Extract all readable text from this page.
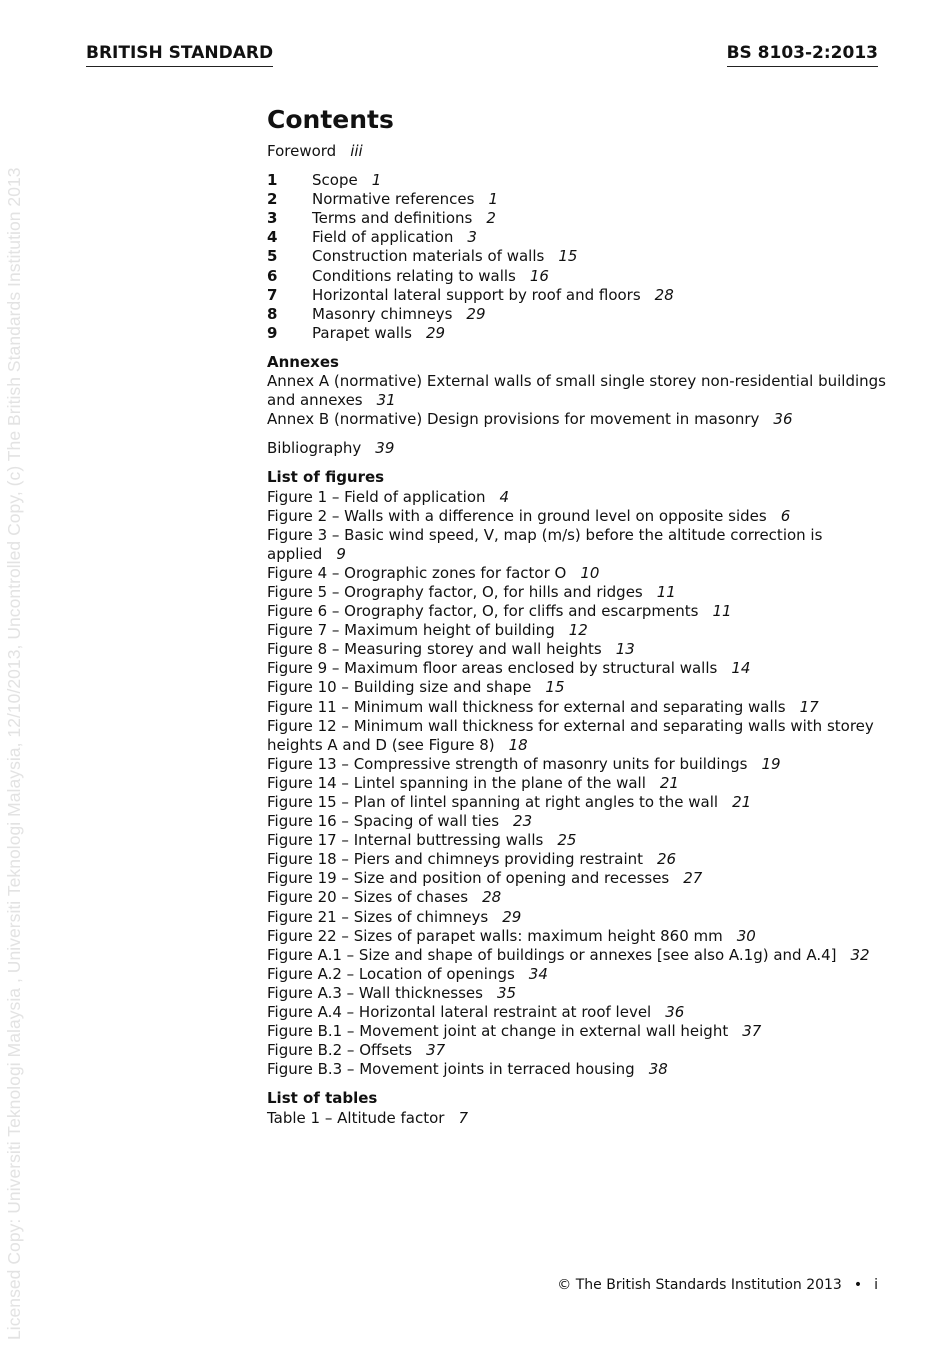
Licensed Copy: Universiti Teknologi Malaysia , Universiti Teknologi Malaysia, 12/10/2013, Uncontrolled Copy, (c) The British Standards Institution 2013
BRITISH STANDARD	BS 8103-2:2013
Contents
Foreword iii
1	Scope 1
2	Normative references 1
3	Terms and definitions 2
4	Field of application 3
5	Construction materials of walls 15
6	Conditions relating to walls 16
7	Horizontal lateral support by roof and floors 28
8	Masonry chimneys 29
9	Parapet walls 29
Annexes
Annex A (normative) External walls of small single storey non-residential buildings and annexes 31
Annex B (normative) Design provisions for movement in masonry 36
Bibliography 39
List of figures
Figure 1 – Field of application 4
Figure 2 – Walls with a difference in ground level on opposite sides 6
Figure 3 – Basic wind speed, V, map (m/s) before the altitude correction is applied 9
Figure 4 – Orographic zones for factor O 10
Figure 5 – Orography factor, O, for hills and ridges 11
Figure 6 – Orography factor, O, for cliffs and escarpments 11
Figure 7 – Maximum height of building 12
Figure 8 – Measuring storey and wall heights 13
Figure 9 – Maximum floor areas enclosed by structural walls 14
Figure 10 – Building size and shape 15
Figure 11 – Minimum wall thickness for external and separating walls 17
Figure 12 – Minimum wall thickness for external and separating walls with storey heights A and D (see Figure 8) 18
Figure 13 – Compressive strength of masonry units for buildings 19
Figure 14 – Lintel spanning in the plane of the wall 21
Figure 15 – Plan of lintel spanning at right angles to the wall 21
Figure 16 – Spacing of wall ties 23
Figure 17 – Internal buttressing walls 25
Figure 18 – Piers and chimneys providing restraint 26
Figure 19 – Size and position of opening and recesses 27
Figure 20 – Sizes of chases 28
Figure 21 – Sizes of chimneys 29
Figure 22 – Sizes of parapet walls: maximum height 860 mm 30
Figure A.1 – Size and shape of buildings or annexes [see also A.1g) and A.4] 32
Figure A.2 – Location of openings 34
Figure A.3 – Wall thicknesses 35
Figure A.4 – Horizontal lateral restraint at roof level 36
Figure B.1 – Movement joint at change in external wall height 37
Figure B.2 – Offsets 37
Figure B.3 – Movement joints in terraced housing 38
List of tables
Table 1 – Altitude factor 7
© The British Standards Institution 2013 • i
